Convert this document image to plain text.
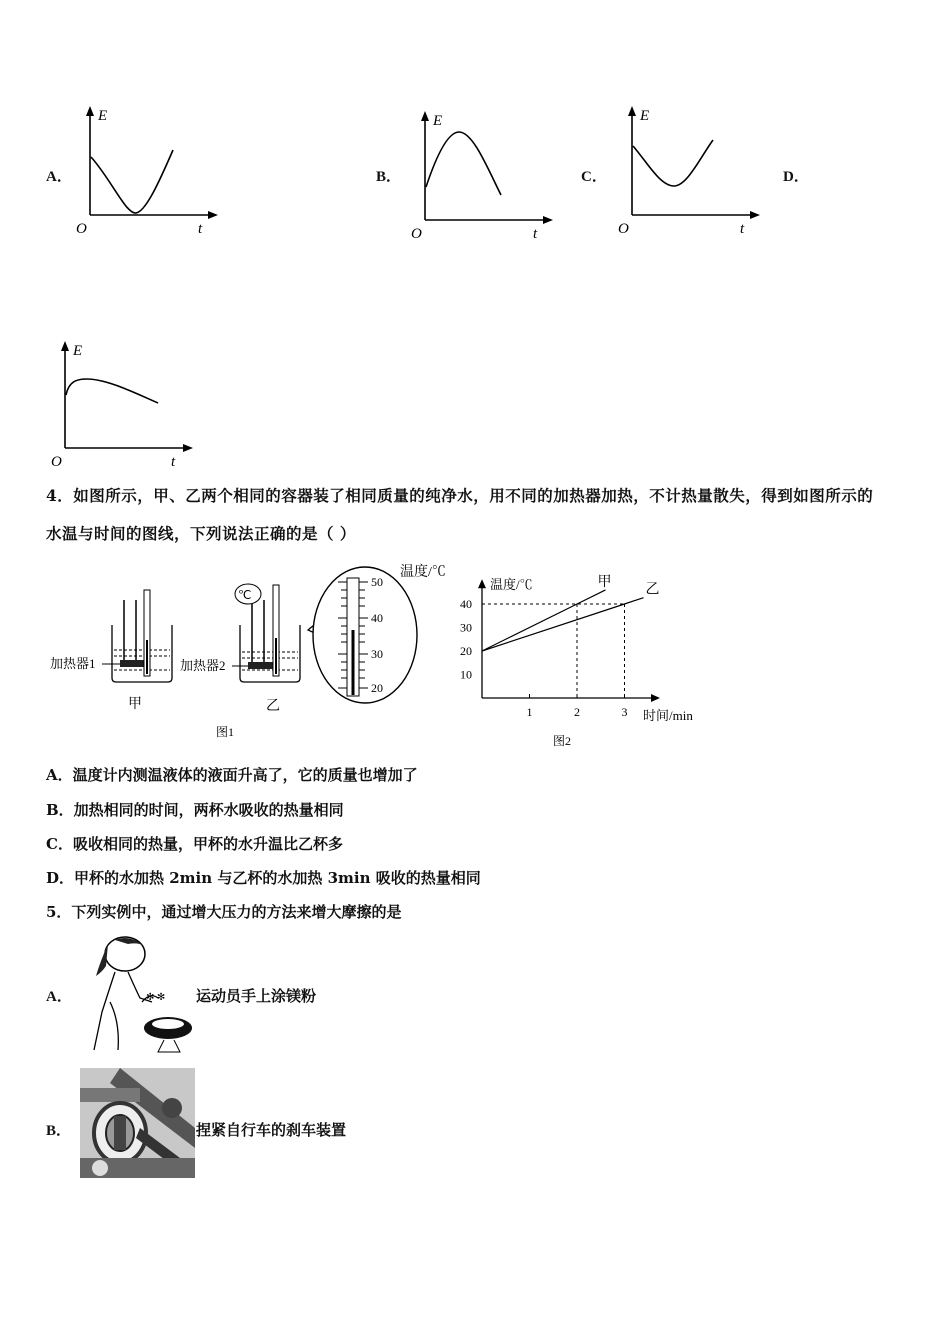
A．
E
O	t
B．
E
O	t
C．
E
O	t
D．
E
O	t
4．如图所示，甲、乙两个相同的容器装了相同质量的纯净水，用不同的加热器加热，不计热量散失，得到如图所示的
水温与时间的图线，下列说法正确的是（ ）
加热器1
甲
℃
加热器2
乙
50
40
30
20
温度/℃
图1
10
20
30
40
1	2	3
甲
乙
温度/℃
时间/min
图2
A．温度计内测温液体的液面升高了，它的质量也增加了
B．加热相同的时间，两杯水吸收的热量相同
C．吸收相同的热量，甲杯的水升温比乙杯多
D．甲杯的水加热 2min 与乙杯的水加热 3min 吸收的热量相同
5．下列实例中，通过增大压力的方法来增大摩擦的是
A．	✻ ✻ 运动员手上涂镁粉
B．	捏紧自行车的刹车装置
